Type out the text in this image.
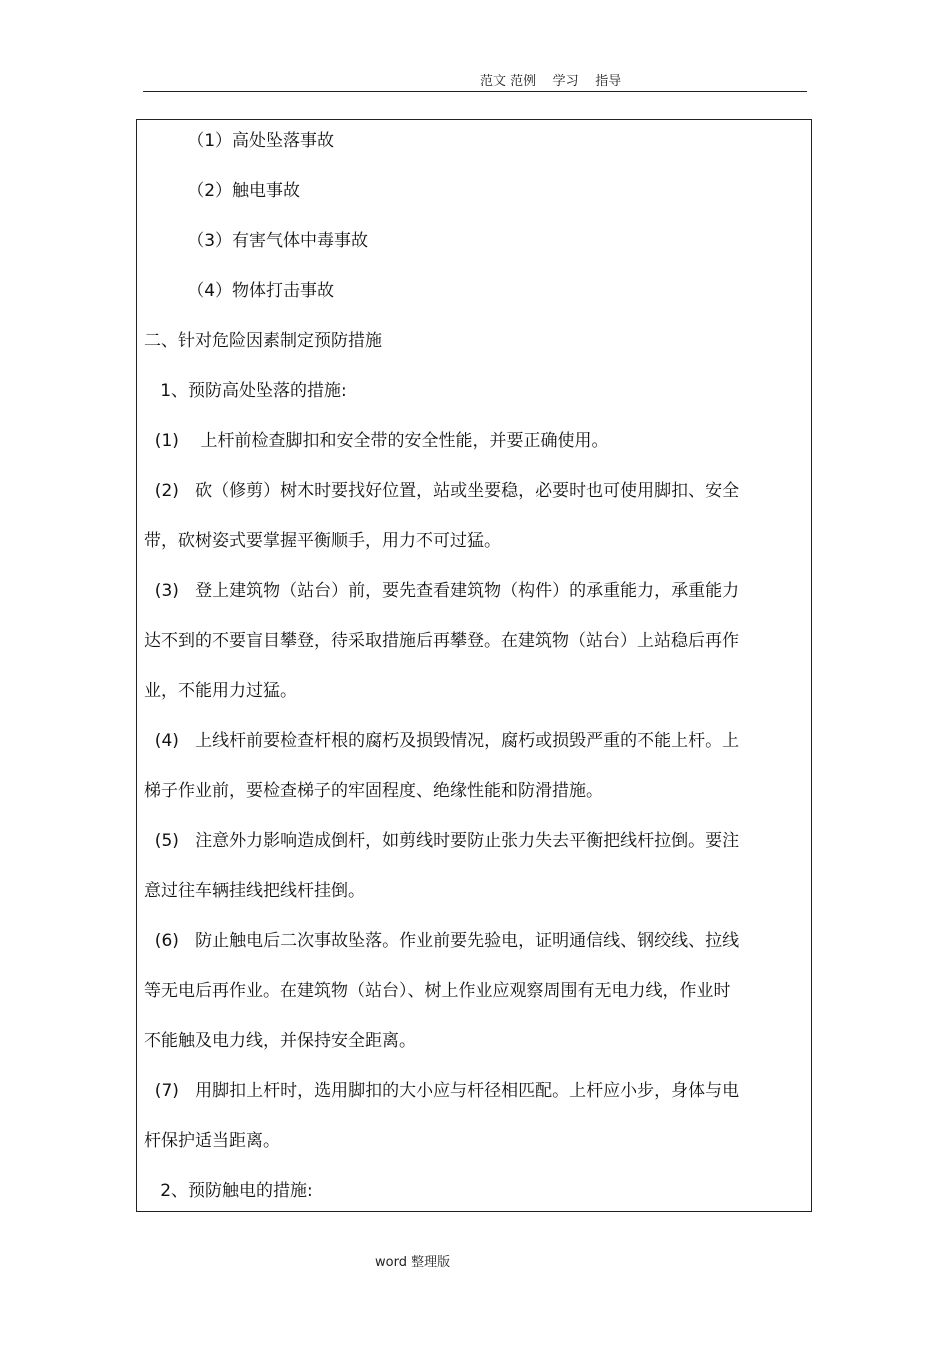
范文 范例    学习    指导
（1）高处坠落事故
（2）触电事故
（3）有害气体中毒事故
（4）物体打击事故
二、针对危险因素制定预防措施
1、预防高处坠落的措施:
(1)    上杆前检查脚扣和安全带的安全性能，并要正确使用。
(2)   砍（修剪）树木时要找好位置，站或坐要稳，必要时也可使用脚扣、安全
带，砍树姿式要掌握平衡顺手，用力不可过猛。
(3)   登上建筑物（站台）前，要先查看建筑物（构件）的承重能力，承重能力
达不到的不要盲目攀登，待采取措施后再攀登。在建筑物（站台）上站稳后再作
业，不能用力过猛。
(4)   上线杆前要检查杆根的腐朽及损毁情况，腐朽或损毁严重的不能上杆。上
梯子作业前，要检查梯子的牢固程度、绝缘性能和防滑措施。
(5)   注意外力影响造成倒杆，如剪线时要防止张力失去平衡把线杆拉倒。要注
意过往车辆挂线把线杆挂倒。
(6)   防止触电后二次事故坠落。作业前要先验电，证明通信线、钢绞线、拉线
等无电后再作业。在建筑物（站台）、树上作业应观察周围有无电力线，作业时
不能触及电力线，并保持安全距离。
(7)   用脚扣上杆时，选用脚扣的大小应与杆径相匹配。上杆应小步，身体与电
杆保护适当距离。
2、预防触电的措施:
word 整理版
